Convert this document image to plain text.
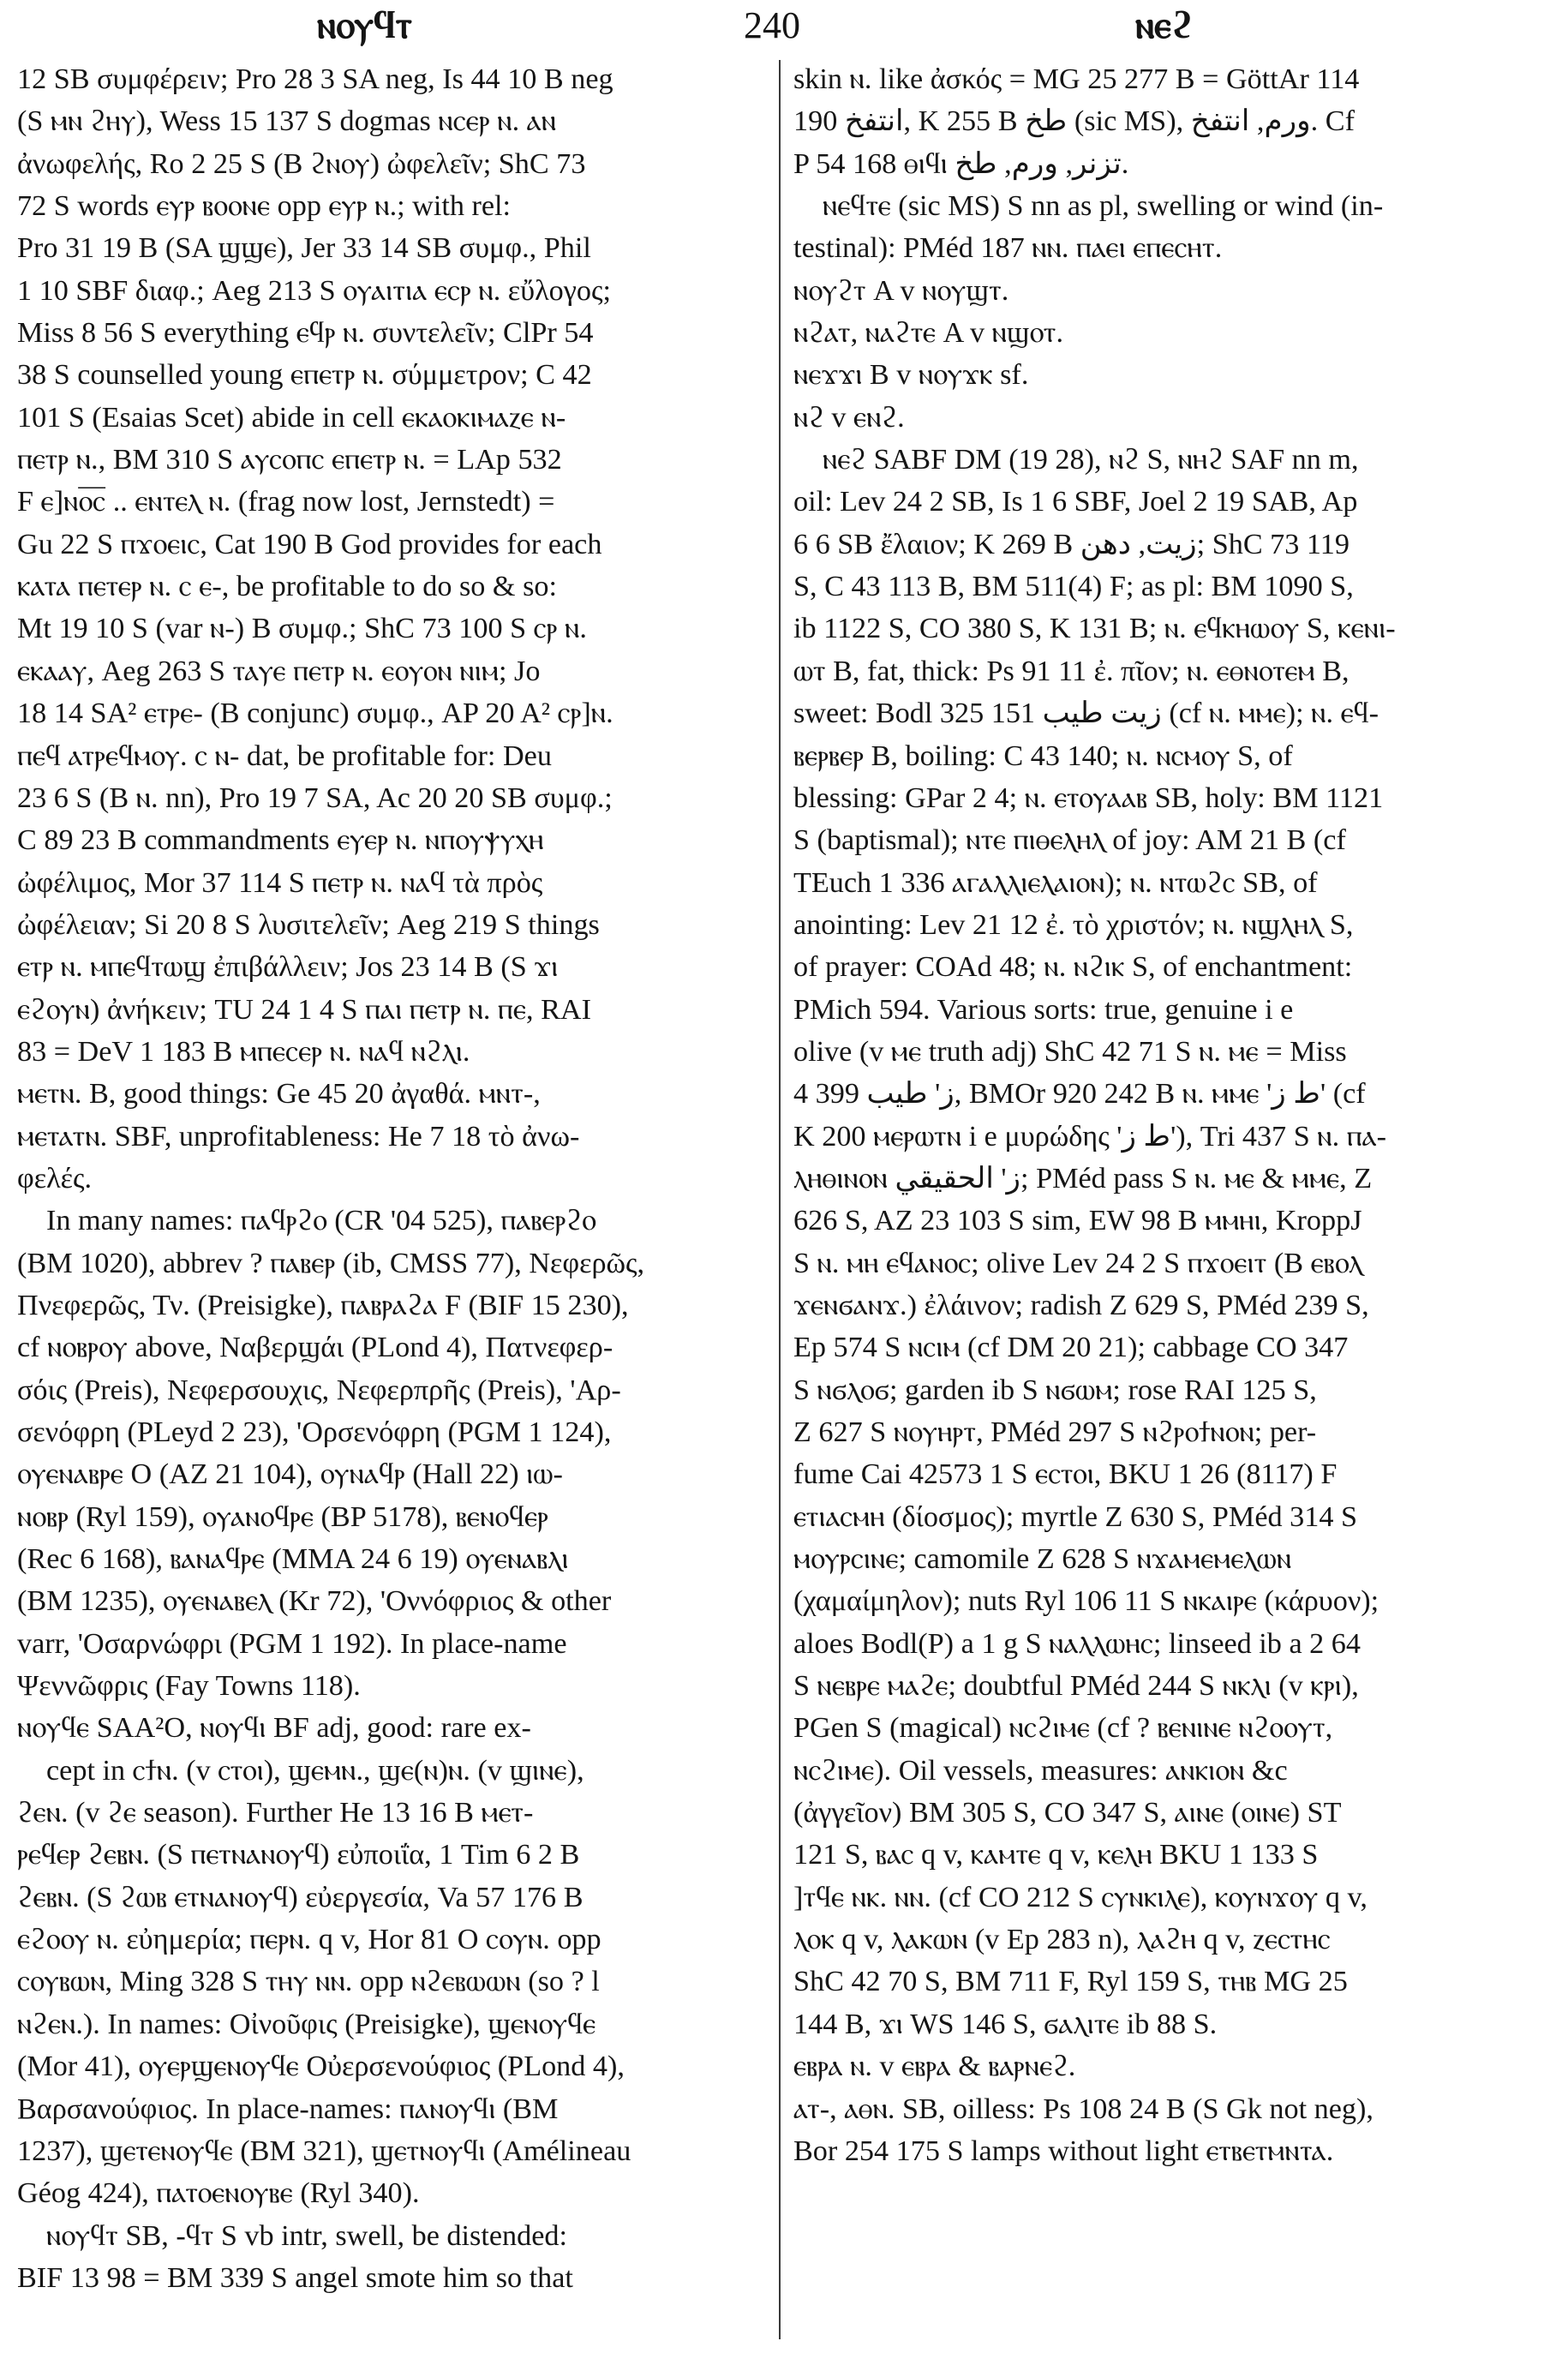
ⲛⲟⲩϥⲧ	240	ⲛⲉϩ
12 SB συμφέρειν; Pro 28 3 SA neg, Is 44 10 B neg
(S ⲙⲛ ϩⲏⲩ), Wess 15 137 S dogmas ⲛⲥⲉⲣ ⲛ. ⲁⲛ
ἀνωφελής, Ro 2 25 S (B ϩⲛⲟⲩ) ὠφελεῖν; ShC 73
72 S words ⲉⲩⲣ ⲃⲟⲟⲛⲉ opp ⲉⲩⲣ ⲛ.; with rel:
Pro 31 19 B (SA ϣϣⲉ), Jer 33 14 SB συμφ., Phil
1 10 SBF διαφ.; Aeg 213 S ⲟⲩⲁⲓⲧⲓⲁ ⲉⲥⲣ ⲛ. εὔλογος;
Miss 8 56 S everything ⲉϥⲣ ⲛ. συντελεῖν; ClPr 54
38 S counselled young ⲉⲡⲉⲧⲣ ⲛ. σύμμετρον; C 42
101 S (Esaias Scet) abide in cell ⲉⲕⲁⲟⲕⲓⲙⲁⲍⲉ ⲛ-
ⲡⲉⲧⲣ ⲛ., BM 310 S ⲁⲩⲥⲟⲡⲥ ⲉⲡⲉⲧⲣ ⲛ. = LAp 532
F ⲉ]ⲛⲟ̅ⲥ̅ .. ⲉⲛⲧⲉⲗ ⲛ. (frag now lost, Jernstedt) =
Gu 22 S ⲡϫⲟⲉⲓⲥ, Cat 190 B God provides for each
ⲕⲁⲧⲁ ⲡⲉⲧⲉⲣ ⲛ. ⲥ ⲉ-, be profitable to do so & so:
Mt 19 10 S (var ⲛ-) B συμφ.; ShC 73 100 S ⲥⲣ ⲛ.
ⲉⲕⲁⲁⲩ, Aeg 263 S ⲧⲁⲩⲉ ⲡⲉⲧⲣ ⲛ. ⲉⲟⲩⲟⲛ ⲛⲓⲙ; Jo
18 14 SA² ⲉⲧⲣⲉ- (B conjunc) συμφ., AP 20 A² ⲥⲣ]ⲛ.
ⲡⲉϥ ⲁⲧⲣⲉϥⲙⲟⲩ. ⲥ ⲛ- dat, be profitable for: Deu
23 6 S (B ⲛ. nn), Pro 19 7 SA, Ac 20 20 SB συμφ.;
C 89 23 B commandments ⲉⲩⲉⲣ ⲛ. ⲛⲡⲟⲩⲯⲩⲭⲏ
ὠφέλιμος, Mor 37 114 S ⲡⲉⲧⲣ ⲛ. ⲛⲁϥ τὰ πρὸς
ὠφέλειαν; Si 20 8 S λυσιτελεῖν; Aeg 219 S things
ⲉⲧⲣ ⲛ. ⲙⲡⲉϥⲧⲱϣ ἐπιβάλλειν; Jos 23 14 B (S ϫⲓ
ⲉϩⲟⲩⲛ) ἀνήκειν; TU 24 1 4 S ⲡⲁⲓ ⲡⲉⲧⲣ ⲛ. ⲡⲉ, RAI
83 = DeV 1 183 B ⲙⲡⲉⲥⲉⲣ ⲛ. ⲛⲁϥ ⲛϩⲗⲓ.
ⲙⲉⲧⲛ. B, good things: Ge 45 20 ἀγαθά. ⲙⲛⲧ-,
ⲙⲉⲧⲁⲧⲛ. SBF, unprofitableness: He 7 18 τὸ ἀνω-
φελές.
In many names: ⲡⲁϥⲣϩⲟ (CR '04 525), ⲡⲁⲃⲉⲣϩⲟ
(BM 1020), abbrev ? ⲡⲁⲃⲉⲣ (ib, CMSS 77), Νεφερῶς,
Πνεφερῶς, Τν. (Preisigke), ⲡⲁⲃⲣⲁϩⲁ F (BIF 15 230),
cf ⲛⲟⲃⲣⲟⲩ above, Ναβερϣάι (PLond 4), Πατνεφερ-
σόις (Preis), Νεφερσουχις, Νεφερπρῆς (Preis), 'Αρ-
σενόφρη (PLeyd 2 23), 'Ορσενόφρη (PGM 1 124),
ⲟⲩⲉⲛⲁⲃⲣⲉ O (AZ 21 104), ⲟⲩⲛⲁϥⲣ (Hall 22) ⲓⲱ-
ⲛⲟⲃⲣ (Ryl 159), ⲟⲩⲁⲛⲟϥⲣⲉ (BP 5178), ⲃⲉⲛⲟϥⲉⲣ
(Rec 6 168), ⲃⲁⲛⲁϥⲣⲉ (MMA 24 6 19) ⲟⲩⲉⲛⲁⲃⲗⲓ
(BM 1235), ⲟⲩⲉⲛⲁⲃⲉⲗ (Kr 72), 'Οννόφριος & other
varr, 'Οσαρνώφρι (PGM 1 192). In place-name
Ψεννῶφρις (Fay Towns 118).
ⲛⲟⲩϥⲉ SAA²O, ⲛⲟⲩϥⲓ BF adj, good: rare ex-
cept in ⲥϯⲛ. (v ⲥⲧⲟⲓ), ϣⲉⲙⲛ., ϣⲉ(ⲛ)ⲛ. (v ϣⲓⲛⲉ),
ϩⲉⲛ. (v ϩⲉ season). Further He 13 16 B ⲙⲉⲧ-
ⲣⲉϥⲉⲣ ϩⲉⲃⲛ. (S ⲡⲉⲧⲛⲁⲛⲟⲩϥ) εὐποιΐα, 1 Tim 6 2 B
ϩⲉⲃⲛ. (S ϩⲱⲃ ⲉⲧⲛⲁⲛⲟⲩϥ) εὐεργεσία, Va 57 176 B
ⲉϩⲟⲟⲩ ⲛ. εὐημερία; ⲡⲉⲣⲛ. q v, Hor 81 O ⲥⲟⲩⲛ. opp
ⲥⲟⲩⲃⲱⲛ, Ming 328 S ⲧⲏⲩ ⲛⲛ. opp ⲛϩⲉⲃⲱⲱⲛ (so ? l
ⲛϩⲉⲛ.). In names: Οἰνοῦφις (Preisigke), ϣⲉⲛⲟⲩϥⲉ
(Mor 41), ⲟⲩⲉⲣϣⲉⲛⲟⲩϥⲉ Οὐερσενούφιος (PLond 4),
Βαρσανούφιος. In place-names: ⲡⲁⲛⲟⲩϥⲓ (BM
1237), ϣⲉⲧⲉⲛⲟⲩϥⲉ (BM 321), ϣⲉⲧⲛⲟⲩϥⲓ (Amélineau
Géog 424), ⲡⲁⲧⲟⲉⲛⲟⲩⲃⲉ (Ryl 340).
ⲛⲟⲩϥⲧ SB, -ϥⲧ S vb intr, swell, be distended:
BIF 13 98 = BM 339 S angel smote him so that
skin ⲛ. like ἀσκός = MG 25 277 B = GöttAr 114
190 انتفخ, K 255 B طخ (sic MS), ورم, انتفخ. Cf
P 54 168 ⲑⲓϥⲓ تزنر, ورم, طخ.
ⲛⲉϥⲧⲉ (sic MS) S nn as pl, swelling or wind (in-
testinal): PMéd 187 ⲛⲛ. ⲡⲁⲉⲓ ⲉⲡⲉⲥⲏⲧ.
ⲛⲟⲩϩⲧ A v ⲛⲟⲩϣⲧ.
ⲛϩⲁⲧ, ⲛⲁϩⲧⲉ A v ⲛϣⲟⲧ.
ⲛⲉϫϫⲓ B v ⲛⲟⲩϫⲕ sf.
ⲛϩ v ⲉⲛϩ.
ⲛⲉϩ SABF DM (19 28), ⲛϩ S, ⲛⲏϩ SAF nn m,
oil: Lev 24 2 SB, Is 1 6 SBF, Joel 2 19 SAB, Ap
6 6 SB ἔλαιον; K 269 B زيت, دهن; ShC 73 119
S, C 43 113 B, BM 511(4) F; as pl: BM 1090 S,
ib 1122 S, CO 380 S, K 131 B; ⲛ. ⲉϥⲕⲏⲱⲟⲩ S, ⲕⲉⲛⲓ-
ⲱⲧ B, fat, thick: Ps 91 11 ἐ. πῖον; ⲛ. ⲉⲑⲛⲟⲧⲉⲙ B,
sweet: Bodl 325 151 زيت طيب (cf ⲛ. ⲙⲙⲉ); ⲛ. ⲉϥ-
ⲃⲉⲣⲃⲉⲣ B, boiling: C 43 140; ⲛ. ⲛⲥⲙⲟⲩ S, of
blessing: GPar 2 4; ⲛ. ⲉⲧⲟⲩⲁⲁⲃ SB, holy: BM 1121
S (baptismal); ⲛⲧⲉ ⲡⲓⲑⲉⲗⲏⲗ of joy: AM 21 B (cf
TEuch 1 336 ⲁⲅⲁⲗⲗⲓⲉⲗⲁⲓⲟⲛ); ⲛ. ⲛⲧⲱϩⲥ SB, of
anointing: Lev 21 12 ἐ. τὸ χριστόν; ⲛ. ⲛϣⲗⲏⲗ S,
of prayer: COAd 48; ⲛ. ⲛϩⲓⲕ S, of enchantment:
PMich 594. Various sorts: true, genuine i e
olive (v ⲙⲉ truth adj) ShC 42 71 S ⲛ. ⲙⲉ = Miss
4 399 ز' طيب, BMOr 920 242 B ⲛ. ⲙⲙⲉ 'ط ز' (cf
K 200 ⲙⲉⲣⲱⲧⲛ i e μυρώδης 'ط ز'), Tri 437 S ⲛ. ⲡⲁ-
ⲗⲏⲑⲓⲛⲟⲛ ز' الحقيقي; PMéd pass S ⲛ. ⲙⲉ & ⲙⲙⲉ, Z
626 S, AZ 23 103 S sim, EW 98 B ⲙⲙⲏⲓ, KroppJ
S ⲛ. ⲙⲏ ⲉϥⲁⲛⲟⲥ; olive Lev 24 2 S ⲡϫⲟⲉⲓⲧ (B ⲉⲃⲟⲗ
ϫⲉⲛϭⲁⲛϫ.) ἐλάινον; radish Z 629 S, PMéd 239 S,
Ep 574 S ⲛⲥⲓⲙ (cf DM 20 21); cabbage CO 347
S ⲛϭⲗⲟϭ; garden ib S ⲛϭⲱⲙ; rose RAI 125 S,
Z 627 S ⲛⲟⲩⲏⲣⲧ, PMéd 297 S ⲛϩⲣⲟϯⲛⲟⲛ; per-
fume Cai 42573 1 S ⲉⲥⲧⲟⲓ, BKU 1 26 (8117) F
ⲉⲧⲓⲁⲥⲙⲏ (δίοσμος); myrtle Z 630 S, PMéd 314 S
ⲙⲟⲩⲣⲥⲓⲛⲉ; camomile Z 628 S ⲛϫⲁⲙⲉⲙⲉⲗⲱⲛ
(χαμαίμηλον); nuts Ryl 106 11 S ⲛⲕⲁⲓⲣⲉ (κάρυον);
aloes Bodl(P) a 1 g S ⲛⲁⲗⲗⲱⲏⲥ; linseed ib a 2 64
S ⲛⲉⲃⲣⲉ ⲙⲁϩⲉ; doubtful PMéd 244 S ⲛⲕⲗⲓ (v ⲕⲣⲓ),
PGen S (magical) ⲛⲥϩⲓⲙⲉ (cf ? ⲃⲉⲛⲓⲛⲉ ⲛϩⲟⲟⲩⲧ,
ⲛⲥϩⲓⲙⲉ). Oil vessels, measures: ⲁⲛⲕⲓⲟⲛ &c
(ἀγγεῖον) BM 305 S, CO 347 S, ⲁⲓⲛⲉ (ⲟⲓⲛⲉ) ST
121 S, ⲃⲁⲥ q v, ⲕⲁⲙⲧⲉ q v, ⲕⲉⲗⲏ BKU 1 133 S
]ⲧϥⲉ ⲛⲕ. ⲛⲛ. (cf CO 212 S ⲥⲩⲛⲕⲓⲗⲉ), ⲕⲟⲩⲛϫⲟⲩ q v,
ⲗⲟⲕ q v, ⲗⲁⲕⲱⲛ (v Ep 283 n), ⲗⲁϩⲏ q v, ⲍⲉⲥⲧⲏⲥ
ShC 42 70 S, BM 711 F, Ryl 159 S, ⲧⲏⲃ MG 25
144 B, ϫⲓ WS 146 S, ϭⲁⲗⲓⲧⲉ ib 88 S.
ⲉⲃⲣⲁ ⲛ. v ⲉⲃⲣⲁ & ⲃⲁⲣⲛⲉϩ.
ⲁⲧ-, ⲁⲑⲛ. SB, oilless: Ps 108 24 B (S Gk not neg),
Bor 254 175 S lamps without light ⲉⲧⲃⲉⲧⲙⲛⲧⲁ.
